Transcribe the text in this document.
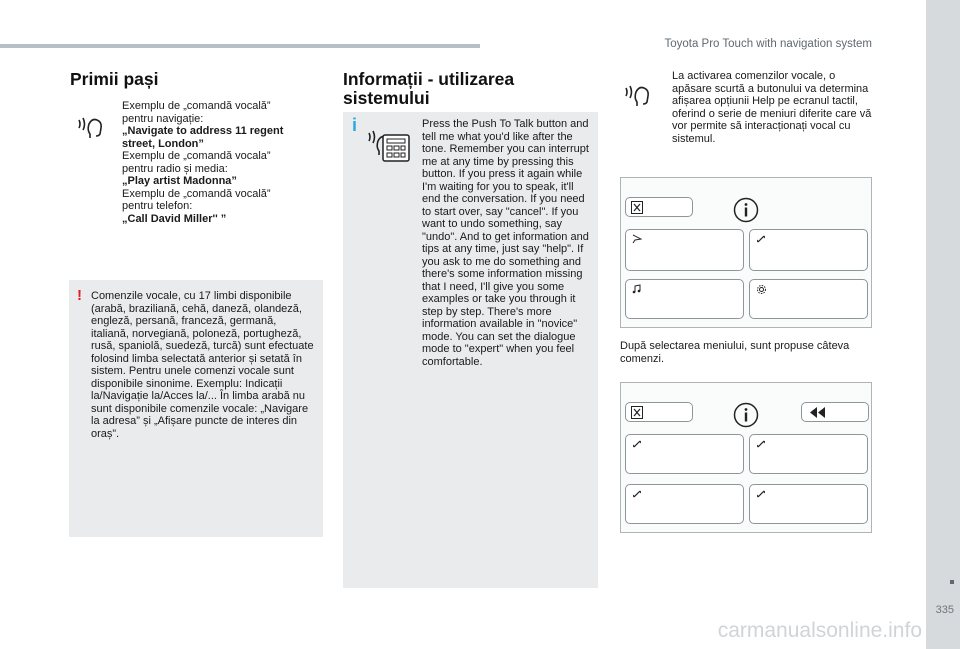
Toyota Pro Touch with navigation system
335
carmanualsonline.info
Primii pași
Exemplu de „comandă vocală” pentru navigație:
„Navigate to address 11 regent street, London”
Exemplu de „comandă vocala” pentru radio și media:
„Play artist Madonna”
Exemplu de „comandă vocală” pentru telefon:
„Call David Miller'' ”
! Comenzile vocale, cu 17 limbi disponibile (arabă, braziliană, cehă, daneză, olandeză, engleză, persană, franceză, germană, italiană, norvegiană, poloneză, portugheză, rusă, spaniolă, suedeză, turcă) sunt efectuate folosind limba selectată anterior și setată în sistem. Pentru unele comenzi vocale sunt disponibile sinonime. Exemplu: Indicații la/Navigație la/Acces la/... În limba arabă nu sunt disponibile comenzile vocale: „Navigare la adresa” și „Afișare puncte de interes din oraș”.
Informații - utilizarea sistemului
i	Press the Push To Talk button and tell me what you'd like after the tone. Remember you can interrupt me at any time by pressing this button. If you press it again while I'm waiting for you to speak, it'll end the conversation. If you need to start over, say "cancel". If you want to undo something, say "undo". And to get information and tips at any time, just say "help". If you ask to me do something and there's some information missing that I need, I'll give you some examples or take you through it step by step. There's more information available in "novice" mode. You can set the dialogue mode to "expert" when you feel comfortable.
La activarea comenzilor vocale, o apăsare scurtă a butonului va determina afișarea opțiunii Help pe ecranul tactil, oferind o serie de meniuri diferite care vă vor permite să interacționați vocal cu sistemul.
După selectarea meniului, sunt propuse câteva comenzi.
